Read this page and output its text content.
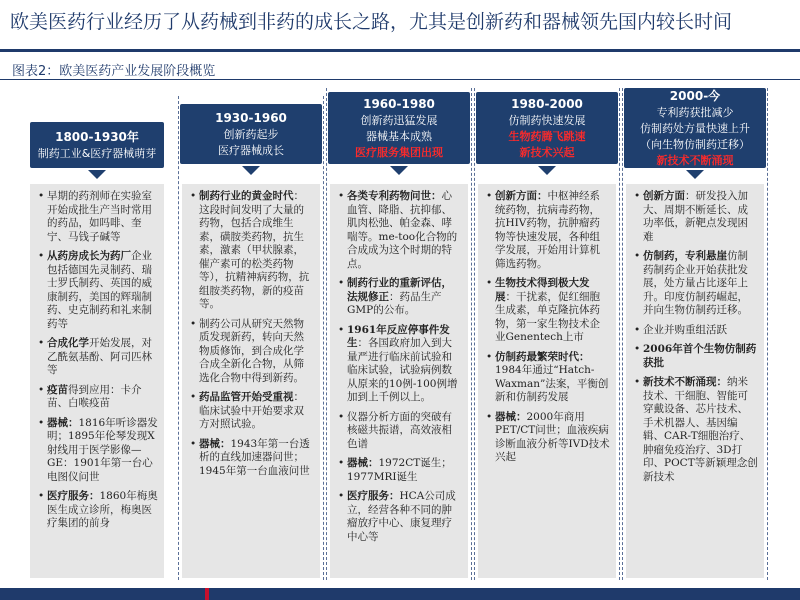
欧美医药行业经历了从药械到非药的成长之路，尤其是创新药和器械领先国内较长时间
图表2：欧美医药产业发展阶段概览
1800-1930年
制药工业&医疗器械萌芽
1930-1960
创新药起步
医疗器械成长
1960-1980
创新药迅猛发展
器械基本成熟
医疗服务集团出现
1980-2000
仿制药快速发展
生物药腾飞跳速
新技术兴起
2000-今
专利药获批减少
仿制药处方量快速上升
（向生物仿制药迁移）
新技术不断涌现
• 早期的药剂师在实验室开始成批生产当时常用的药品，如吗啡、奎宁、马钱子碱等
• 从药房成长为药厂企业包括德国先灵制药、瑞士罗氏制药、英国的威康制药，美国的辉瑞制药、史克制药和礼来制药等
• 合成化学开始发展，对乙酰氨基酚、阿司匹林等
• 疫苗得到应用：卡介苗、白喉疫苗
• 器械：1816年听诊器发明；1895年伦琴发现X射线用于医学影像—GE：1901年第一台心电图仪问世
• 医疗服务：1860年梅奥医生成立诊所，梅奥医疗集团的前身
• 制药行业的黄金时代：这段时间发明了大量的药物，包括合成维生素，磺胺类药物，抗生素，激素（甲状腺素，催产素可的松类药物等），抗精神病药物，抗组胺类药物，新的疫苗等。
• 制药公司从研究天然物质发现新药，转向天然物质修饰，到合成化学合成全新化合物，从筛选化合物中得到新药。
• 药品监管开始受重视：临床试验中开始要求双方对照试验。
• 器械：1943年第一台透析的直线加速器问世；1945年第一台血液问世
• 各类专利药物问世：心血管、降脂、抗抑郁、肌肉松弛、帕金森、哮喘等。me-too化合物的合成成为这个时期的特点。
• 制药行业的重新评估，法规修正：药品生产GMP的公布。
• 1961年反应停事件发生：各国政府加入到大量严进行临床前试验和临床试验，试验病例数从原来的10例-100例增加到上千例以上。
• 仪器分析方面的突破有核磁共振谱，高效液相色谱
• 器械：1972CT诞生；1977MRI诞生
• 医疗服务：HCA公司成立，经营各种不同的肿瘤放疗中心、康复理疗中心等
• 创新方面：中枢神经系统药物，抗病毒药物，抗HIV药物，抗肿瘤药物等快速发展，各种组学发展，开始用计算机筛选药物。
• 生物技术得到极大发展：干扰素，促红细胞生成素，单克隆抗体药物，第一家生物技术企业Genentech上市
• 仿制药最繁荣时代：1984年通过“Hatch-Waxman”法案，平衡创新和仿制药发展
• 器械：2000年商用PET/CT问世；血液疾病诊断血液分析等IVD技术兴起
• 创新方面：研发投入加大、周期不断延长、成功率低，新靶点发现困难
• 仿制药，专利悬崖仿制药制药企业开始获批发展，处方量占比逐年上升。印度仿制药崛起，并向生物仿制药迁移。
• 企业并购重组活跃
• 2006年首个生物仿制药获批
• 新技术不断涌现：纳米技术、干细胞、智能可穿戴设备、芯片技术、手术机器人、基因编辑、CAR-T细胞治疗、肿瘤免疫治疗、3D打印、POCT等新颖理念创新技术
